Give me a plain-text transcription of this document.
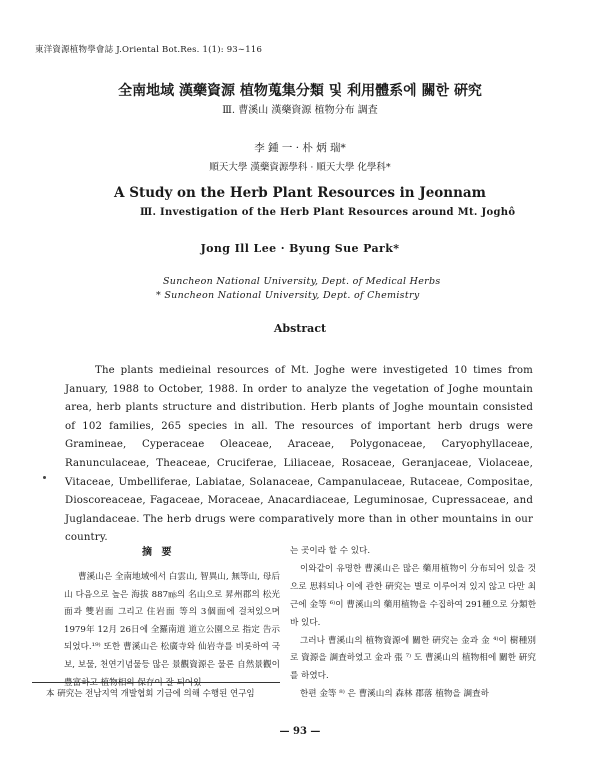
東洋資源植物學會誌 J.Oriental Bot.Res. 1(1): 93∼116
全南地域 漢藥資源 植物蒐集分類 및 利用體系에 關한 硏究
Ⅲ. 曹溪山 漢藥資源 植物分布 調査
李 鍾 一 · 朴 炳 瑞*
順天大學 漢藥資源學科 · 順天大學 化學科*
A Study on the Herb Plant Resources in Jeonnam
Ⅲ. Investigation of the Herb Plant Resources around Mt. Joghô
Jong Ill Lee · Byung Sue Park*
Suncheon National University, Dept. of Medical Herbs
* Suncheon National University, Dept. of Chemistry
Abstract
The plants medieinal resources of Mt. Joghe were investigeted 10 times from January, 1988 to October, 1988. In order to analyze the vegetation of Joghe mountain area, herb plants structure and distribution. Herb plants of Joghe mountain consisted of 102 families, 265 species in all. The resources of important herb drugs were Gramineae, Cyperaceae Oleaceae, Araceae, Polygonaceae, Caryophyllaceae, Ranunculaceae, Theaceae, Cruciferae, Liliaceae, Rosaceae, Geranjaceae, Violaceae, Vitaceae, Umbelliferae, Labiatae, Solanaceae, Campanulaceae, Rutaceae, Compositae, Dioscoreaceae, Fagaceae, Moraceae, Anacardiaceae, Leguminosae, Cupressaceae, and Juglandaceae. The herb drugs were comparatively more than in other mountains in our country.
摘 要
曹溪山은 全南地域에서 白雲山, 智異山, 無等山, 母后山 다음으로 높은 海拔 887㎧의 名山으로 昇州郡의 松光面과 雙岩面 그리고 住岩面 等의 3個面에 걸쳐있으며 1979年 12月 26日에 全羅南道 道立公園으로 指定 告示되었다.¹⁹⁾ 또한 曹溪山은 松廣寺와 仙岩寺를 비롯하여 국보, 보물, 천연기념물등 많은 景觀資源은 물론 自然景觀이

는 곳이라 할 수 있다.

이와같이 유명한 曹溪山은 많은 藥用植物이 分布되어 있을 것으로 思料되나 이에 관한 硏究는 별로 이루어져 있지 않고 다만 최근에 金等 ⁶⁾이 曹溪山의 藥用植物을 수집하여 291種으로 分類한바 있다.

그러나 曹溪山의 植物資源에 關한 硏究는 金과 金 ⁴⁾이 樹種別로 資源을 調査하였고 金과 張 ⁷⁾ 도 曹溪山의 植物相에 關한 硏究를 하였다.

한편 金等 ⁸⁾ 은 曹溪山의 森林 郡落 植物을 調査하

本 硏究는 전남지역 개발협회 기금에 의해 수행된 연구임
— 93 —
